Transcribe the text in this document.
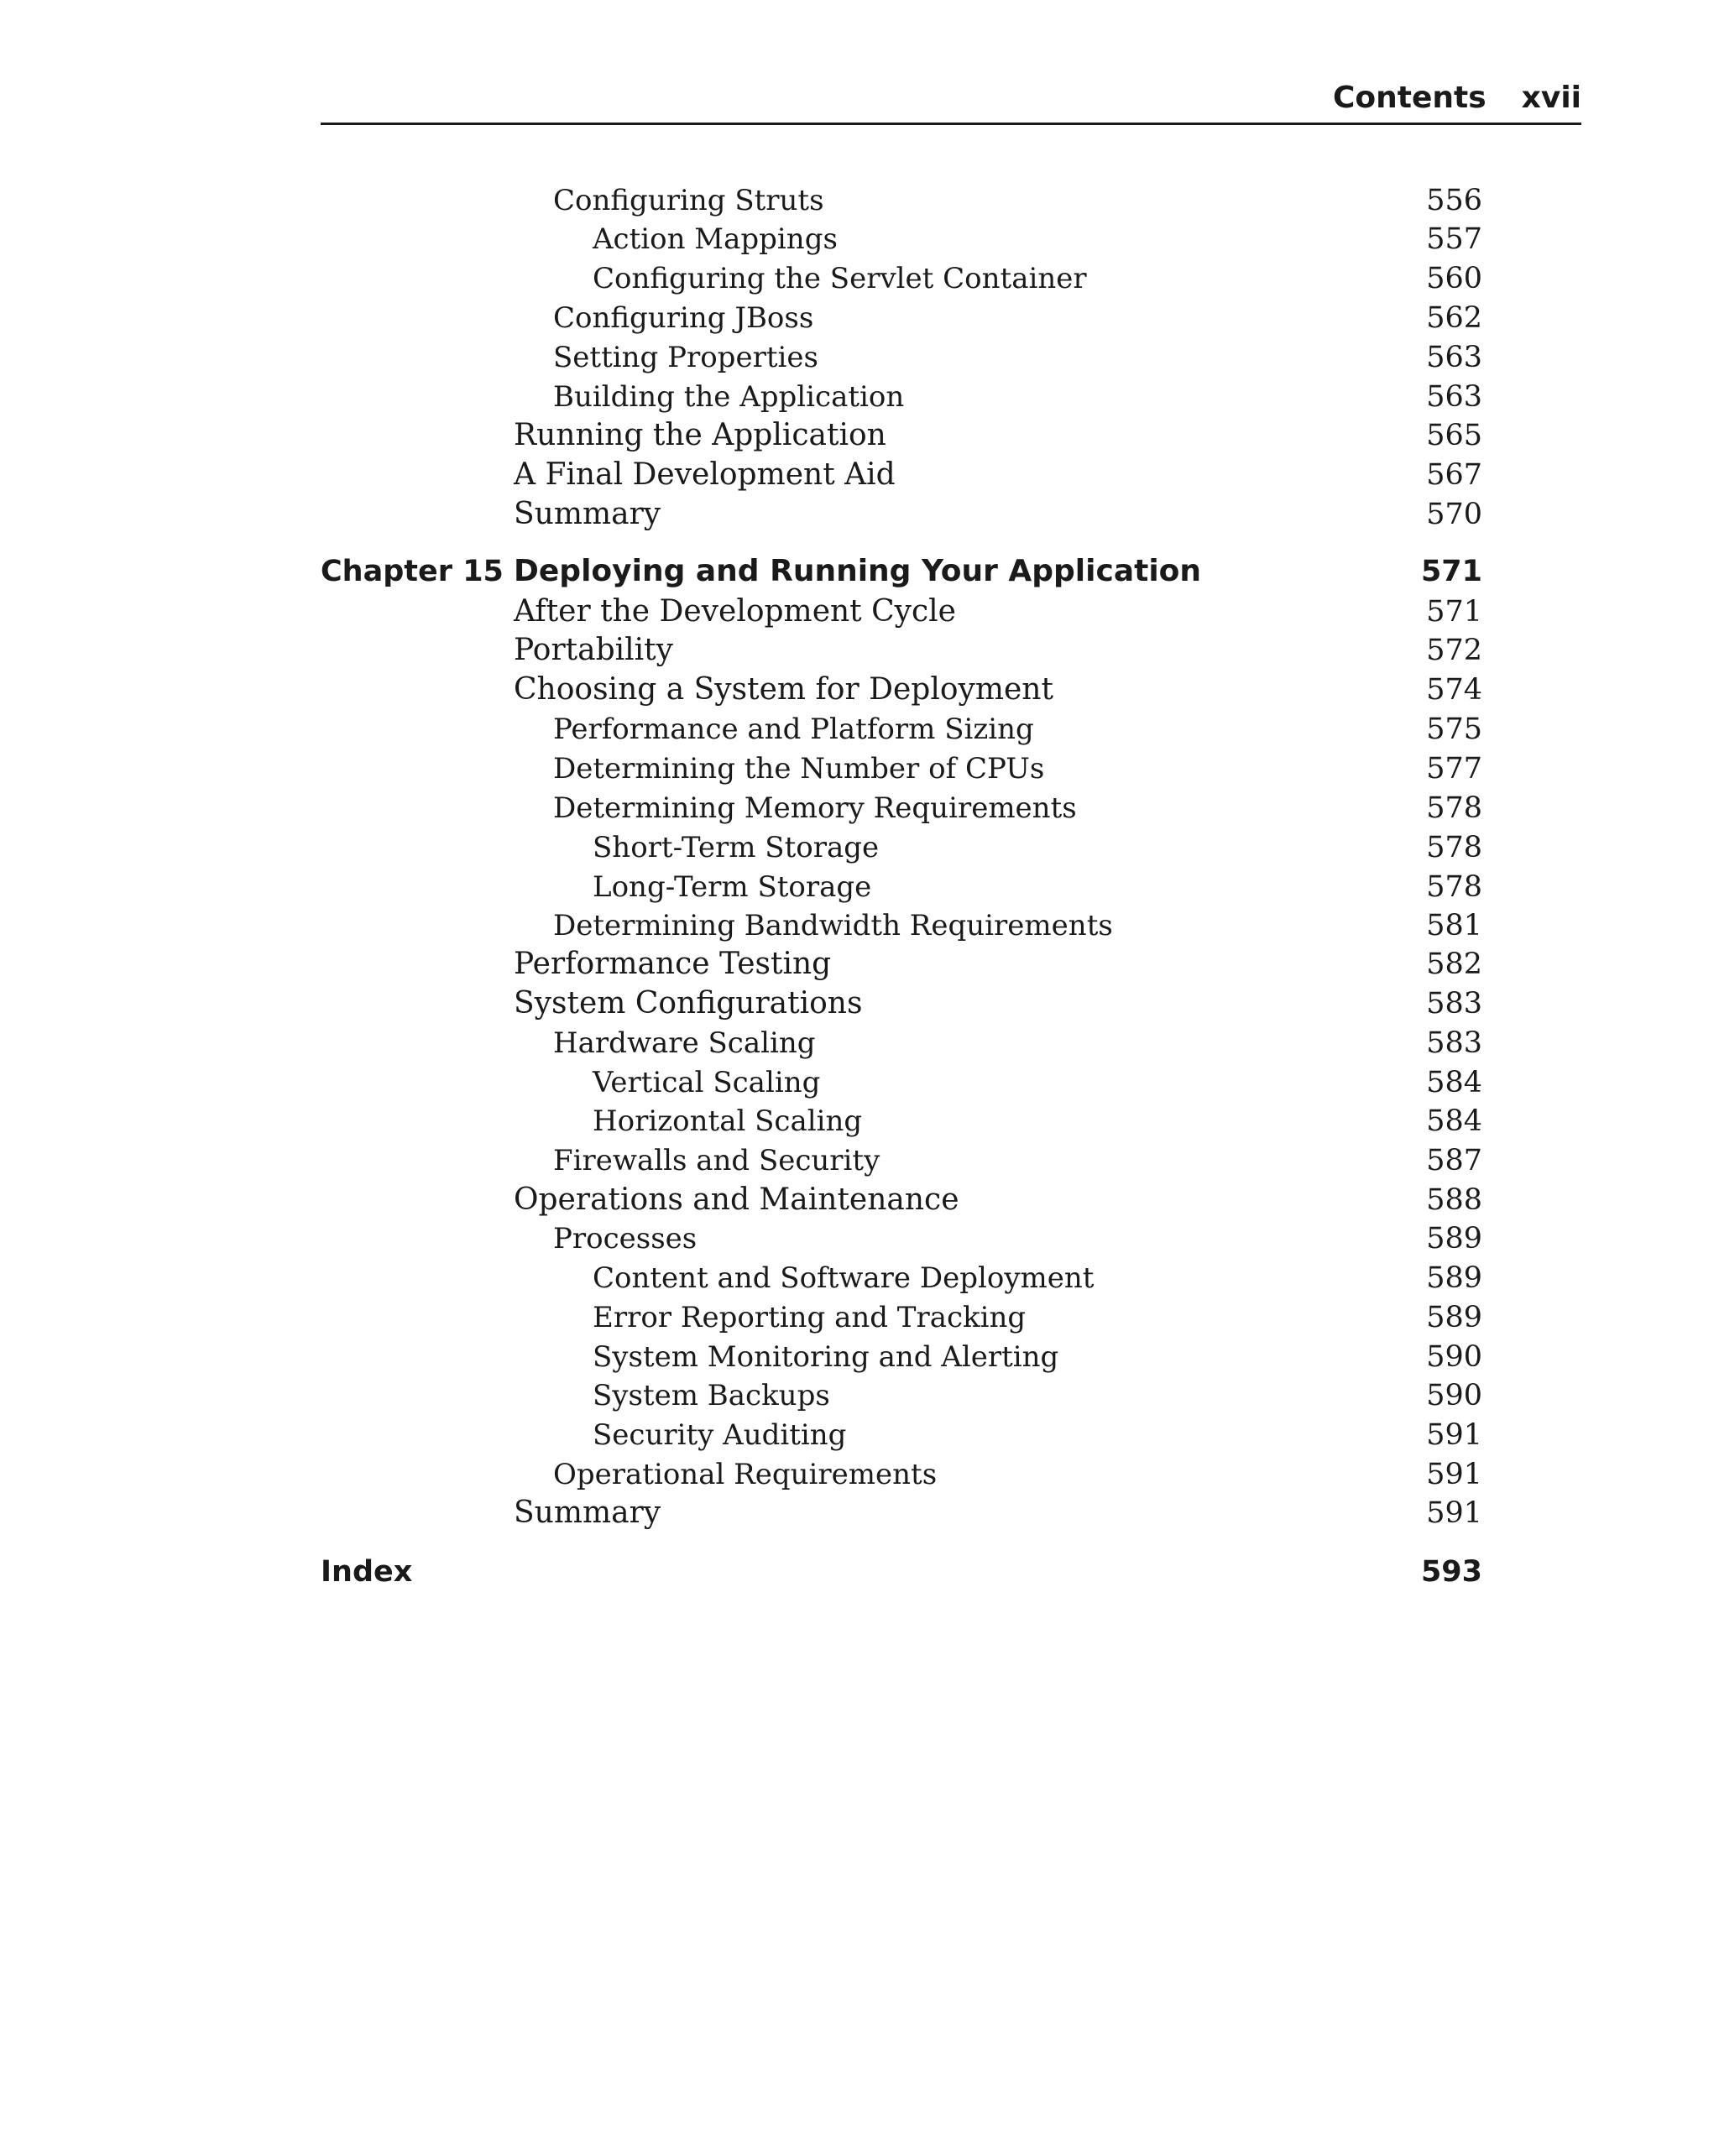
Contents xvii
Configuring Struts	556
Action Mappings	557
Configuring the Servlet Container	560
Configuring JBoss	562
Setting Properties	563
Building the Application	563
Running the Application	565
A Final Development Aid	567
Summary	570
Chapter 15 Deploying and Running Your Application	571
After the Development Cycle	571
Portability	572
Choosing a System for Deployment	574
Performance and Platform Sizing	575
Determining the Number of CPUs	577
Determining Memory Requirements	578
Short-Term Storage	578
Long-Term Storage	578
Determining Bandwidth Requirements	581
Performance Testing	582
System Configurations	583
Hardware Scaling	583
Vertical Scaling	584
Horizontal Scaling	584
Firewalls and Security	587
Operations and Maintenance	588
Processes	589
Content and Software Deployment	589
Error Reporting and Tracking	589
System Monitoring and Alerting	590
System Backups	590
Security Auditing	591
Operational Requirements	591
Summary	591
Index	593
